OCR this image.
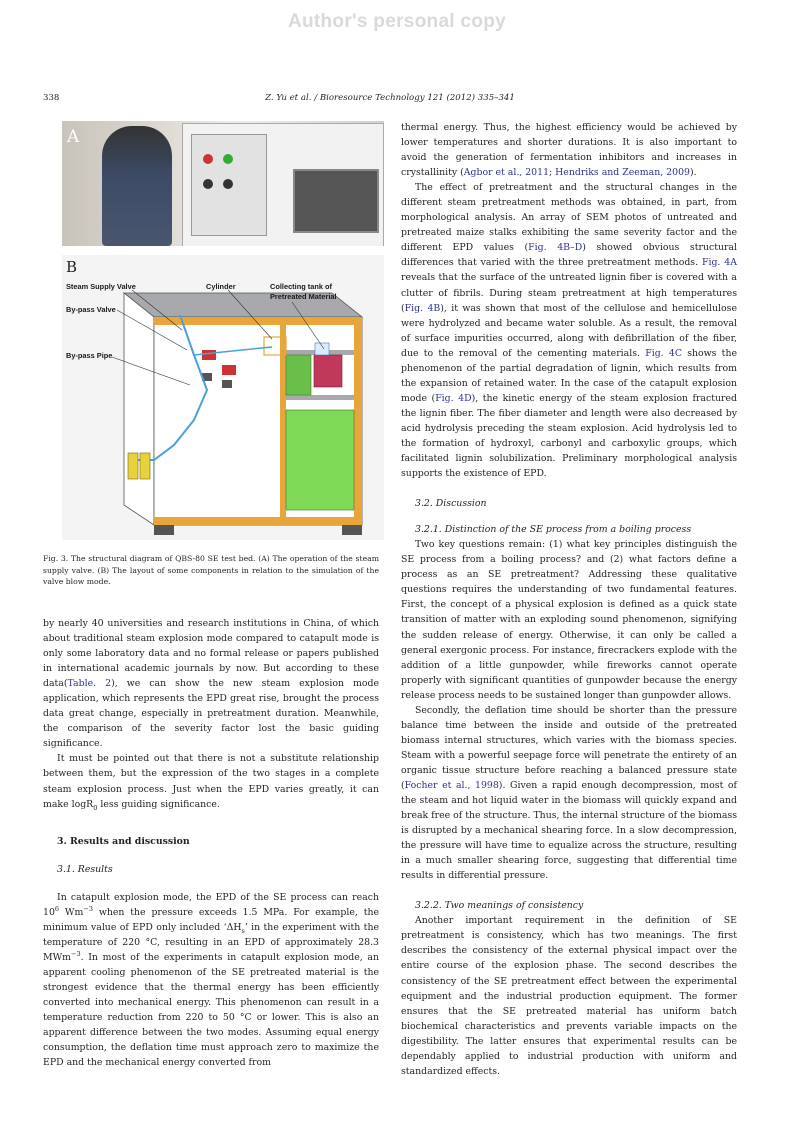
Author's personal copy
338	Z. Yu et al. / Bioresource Technology 121 (2012) 335–341
A
B
Steam Supply Valve	Cylinder	Collecting tank of
Pretreated Material
By-pass Valve
By-pass Pipe
Fig. 3. The structural diagram of QBS-80 SE test bed. (A) The operation of the steam supply valve. (B) The layout of some components in relation to the simulation of the valve blow mode.

by nearly 40 universities and research institutions in China, of which about traditional steam explosion mode compared to catapult mode is only some laboratory data and no formal release or papers published in international academic journals by now. But according to these data(Table. 2), we can show the new steam explosion mode application, which represents the EPD great rise, brought the process data great change, especially in pretreatment duration. Meanwhile, the comparison of the severity factor lost the basic guiding significance.

It must be pointed out that there is not a substitute relationship between them, but the expression of the two stages in a complete steam explosion process. Just when the EPD varies greatly, it can make logR$_0$ less guiding significance.

3. Results and discussion

3.1. Results

In catapult explosion mode, the EPD of the SE process can reach $10^6$ $Wm^{-3}$ when the pressure exceeds 1.5 MPa. For example, the minimum value of EPD only included ‘$\Delta H_s$’ in the experiment with the temperature of 220 °C, resulting in an EPD of approximately 28.3 MWm$^{-3}$. In most of the experiments in catapult explosion mode, an apparent cooling phenomenon of the SE pretreated material is the strongest evidence that the thermal energy has been efficiently converted into mechanical energy. This phenomenon can result in a temperature reduction from 220 to 50 °C or lower. This is also an apparent difference between the two modes. Assuming equal energy consumption, the deflation time must approach zero to maximize the EPD and the mechanical energy converted from

thermal energy. Thus, the highest efficiency would be achieved by lower temperatures and shorter durations. It is also important to avoid the generation of fermentation inhibitors and increases in crystallinity (Agbor et al., 2011; Hendriks and Zeeman, 2009).

The effect of pretreatment and the structural changes in the different steam pretreatment methods was obtained, in part, from morphological analysis. An array of SEM photos of untreated and pretreated maize stalks exhibiting the same severity factor and the different EPD values (Fig. 4B–D) showed obvious structural differences that varied with the three pretreatment methods. Fig. 4A reveals that the surface of the untreated lignin fiber is covered with a clutter of fibrils. During steam pretreatment at high temperatures (Fig. 4B), it was shown that most of the cellulose and hemicellulose were hydrolyzed and became water soluble. As a result, the removal of surface impurities occurred, along with defibrillation of the fiber, due to the removal of the cementing materials. Fig. 4C shows the phenomenon of the partial degradation of lignin, which results from the expansion of retained water. In the case of the catapult explosion mode (Fig. 4D), the kinetic energy of the steam explosion fractured the lignin fiber. The fiber diameter and length were also decreased by acid hydrolysis preceding the steam explosion. Acid hydrolysis led to the formation of hydroxyl, carbonyl and carboxylic groups, which facilitated lignin solubilization. Preliminary morphological analysis supports the existence of EPD.

3.2. Discussion

3.2.1. Distinction of the SE process from a boiling process

Two key questions remain: (1) what key principles distinguish the SE process from a boiling process? and (2) what factors define a process as an SE pretreatment? Addressing these qualitative questions requires the understanding of two fundamental features. First, the concept of a physical explosion is defined as a quick state transition of matter with an exploding sound phenomenon, signifying the sudden release of energy. Otherwise, it can only be called a general exergonic process. For instance, firecrackers explode with the addition of a little gunpowder, while fireworks cannot operate properly with significant quantities of gunpowder because the energy release process needs to be sustained longer than gunpowder allows.

Secondly, the deflation time should be shorter than the pressure balance time between the inside and outside of the pretreated biomass internal structures, which varies with the biomass species. Steam with a powerful seepage force will penetrate the entirety of an organic tissue structure before reaching a balanced pressure state (Focher et al., 1998). Given a rapid enough decompression, most of the steam and hot liquid water in the biomass will quickly expand and break free of the structure. Thus, the internal structure of the biomass is disrupted by a mechanical shearing force. In a slow decompression, the pressure will have time to equalize across the structure, resulting in a much smaller shearing force, suggesting that differential time results in differential pressure.

3.2.2. Two meanings of consistency

Another important requirement in the definition of SE pretreatment is consistency, which has two meanings. The first describes the consistency of the external physical impact over the entire course of the explosion phase. The second describes the consistency of the SE pretreatment effect between the experimental equipment and the industrial production equipment. The former ensures that the SE pretreated material has uniform batch biochemical characteristics and prevents variable impacts on the digestibility. The latter ensures that experimental results can be dependably applied to industrial production with uniform and standardized effects.
